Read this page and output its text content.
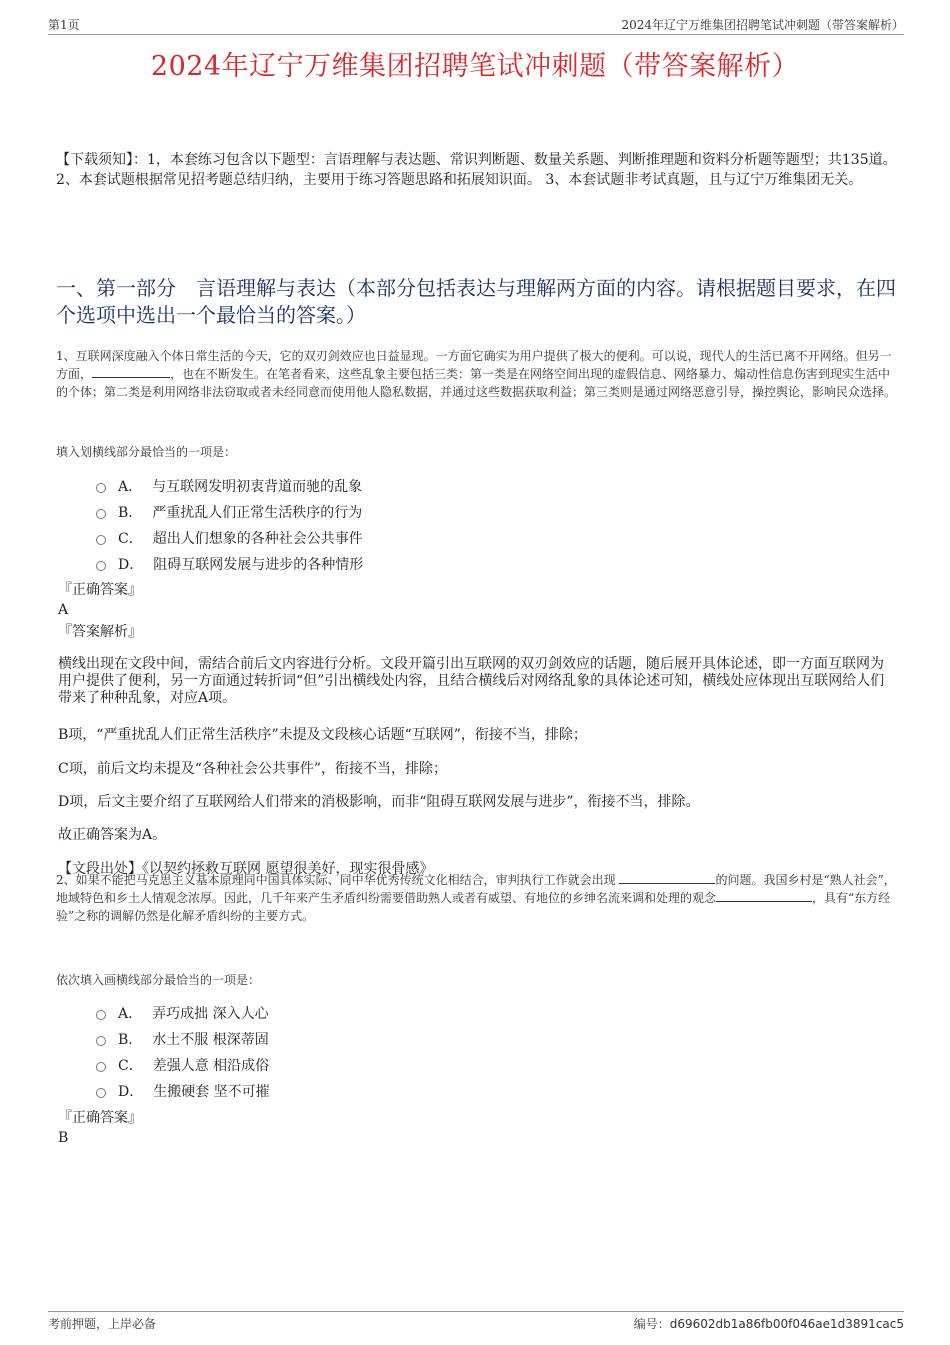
第1页	2024年辽宁万维集团招聘笔试冲刺题（带答案解析）
2024年辽宁万维集团招聘笔试冲刺题（带答案解析）
【下载须知】：1，本套练习包含以下题型：言语理解与表达题、常识判断题、数量关系题、判断推理题和资料分析题等题型；共135道。 2、本套试题根据常见招考题总结归纳，主要用于练习答题思路和拓展知识面。 3、本套试题非考试真题，且与辽宁万维集团无关。
一、第一部分　言语理解与表达（本部分包括表达与理解两方面的内容。请根据题目要求，在四个选项中选出一个最恰当的答案。）
1、互联网深度融入个体日常生活的今天，它的双刃剑效应也日益显现。一方面它确实为用户提供了极大的便利。可以说，现代人的生活已离不开网络。但另一方面，	，也在不断发生。在笔者看来，这些乱象主要包括三类：第一类是在网络空间出现的虚假信息、网络暴力、煽动性信息伤害到现实生活中的个体；第二类是利用网络非法窃取或者未经同意而使用他人隐私数据，并通过这些数据获取利益；第三类则是通过网络恶意引导，操控舆论，影响民众选择。
填入划横线部分最恰当的一项是：
A． 与互联网发明初衷背道而驰的乱象
B． 严重扰乱人们正常生活秩序的行为
C． 超出人们想象的各种社会公共事件
D． 阻碍互联网发展与进步的各种情形
『正确答案』
A
『答案解析』
横线出现在文段中间，需结合前后文内容进行分析。文段开篇引出互联网的双刃剑效应的话题，随后展开具体论述，即一方面互联网为用户提供了便利，另一方面通过转折词“但”引出横线处内容，且结合横线后对网络乱象的具体论述可知，横线处应体现出互联网给人们带来了种种乱象，对应A项。
B项，“严重扰乱人们正常生活秩序”未提及文段核心话题“互联网”，衔接不当，排除；
C项，前后文均未提及“各种社会公共事件”，衔接不当，排除；
D项，后文主要介绍了互联网给人们带来的消极影响，而非“阻碍互联网发展与进步”，衔接不当，排除。
故正确答案为A。
【文段出处】《以契约拯救互联网 愿望很美好，现实很骨感》
2、如果不能把马克思主义基本原理同中国具体实际、同中华优秀传统文化相结合，审判执行工作就会出现	的问题。我国乡村是“熟人社会”，地域特色和乡土人情观念浓厚。因此，几千年来产生矛盾纠纷需要借助熟人或者有威望、有地位的乡绅名流来调和处理的观念	，具有“东方经验”之称的调解仍然是化解矛盾纠纷的主要方式。
依次填入画横线部分最恰当的一项是：
A． 弄巧成拙 深入人心
B． 水土不服 根深蒂固
C． 差强人意 相沿成俗
D． 生搬硬套 坚不可摧
『正确答案』
B
考前押题，上岸必备	编号：d69602db1a86fb00f046ae1d3891cac5
